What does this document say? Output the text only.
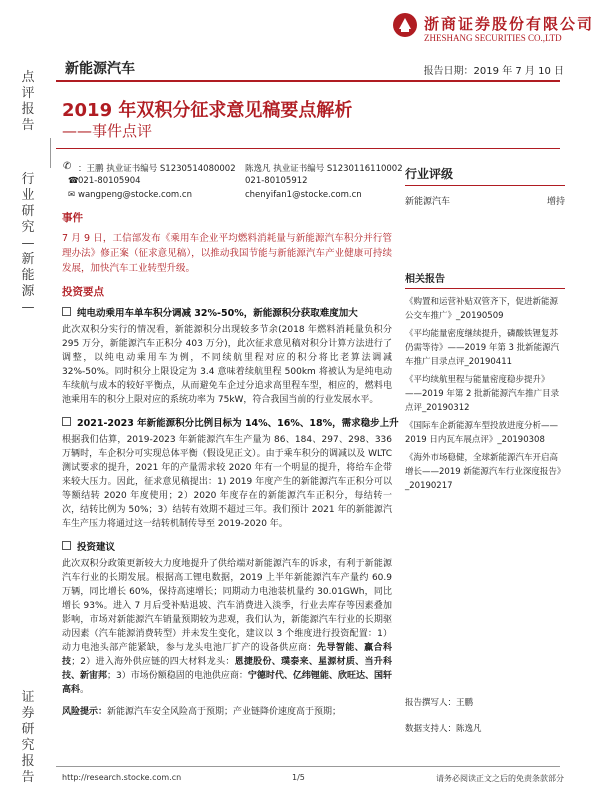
浙商证券股份有限公司
ZHESHANG SECURITIES CO.,LTD
点评报告
行业研究—新能源—
证券研究报告
新能源汽车	报告日期：2019 年 7 月 10 日
2019 年双积分征求意见稿要点解析
——事件点评
✆ ：王鹏 执业证书编号 S1230514080002 陈逸凡 执业证书编号 S1230116110002
☎ 021-80105904	021-80105912
✉ wangpeng@stocke.com.cn	chenyifan1@stocke.com.cn
事件
7 月 9 日，工信部发布《乘用车企业平均燃料消耗量与新能源汽车积分并行管理办法》修正案（征求意见稿），以推动我国节能与新能源汽车产业健康可持续发展，加快汽车工业转型升级。
投资要点
纯电动乘用车单车积分调减 32%-50%，新能源积分获取难度加大
此次双积分实行的情况看，新能源积分出现较多节余(2018 年燃料消耗量负积分 295 万分，新能源汽车正积分 403 万分)，此次征求意见稿对积分计算方法进行了调整，以纯电动乘用车为例，不同续航里程对应的积分将比老算法调减 32%-50%。同时积分上限设定为 3.4 意味着续航里程 500km 将被认为是纯电动车续航与成本的较好平衡点，从而避免车企过分追求高里程车型，相应的，燃料电池乘用车的积分上限对应的系统功率为 75kW，符合我国当前的行业发展水平。
2021-2023 年新能源积分比例目标为 14%、16%、18%，需求稳步上升
根据我们估算，2019-2023 年新能源汽车生产量为 86、184、297、298、336 万辆时，车企积分可实现总体平衡（假设见正文）。由于乘车积分的调减以及 WLTC 测试要求的提升，2021 年的产量需求较 2020 年有一个明显的提升，将给车企带来较大压力。因此，征求意见稿提出：1) 2019 年度产生的新能源汽车正积分可以等额结转 2020 年度使用；2）2020 年度存在的新能源汽车正积分，每结转一次，结转比例为 50%；3）结转有效期不超过三年。我们预计 2021 年的新能源汽车生产压力将通过这一结转机制传导至 2019-2020 年。
投资建议
此次双积分政策更新较大力度地提升了供给端对新能源汽车的诉求，有利于新能源汽车行业的长期发展。根据高工锂电数据，2019 上半年新能源汽车产量约 60.9 万辆，同比增长 60%，保持高速增长；同期动力电池装机量约 30.01GWh，同比增长 93%。进入 7 月后受补贴退坡、汽车消费进入淡季，行业去库存等因素叠加影响，市场对新能源汽车销量预期较为悲观，我们认为，新能源汽车行业的长期驱动因素（汽车能源消费转型）并未发生变化，建议以 3 个维度进行投资配置：1）动力电池头部产能紧缺，参与龙头电池厂扩产的设备供应商：先导智能、赢合科技；2）进入海外供应链的四大材料龙头：恩捷股份、璞泰来、星源材质、当升科技、新宙邦；3）市场份额稳固的电池供应商：宁德时代、亿纬锂能、欣旺达、国轩高科。
风险提示：新能源汽车安全风险高于预期；产业链降价速度高于预期；
行业评级
新能源汽车	增持
相关报告
《购置和运营补贴双管齐下，促进新能源公交车推广》_20190509
《平均能量密度继续提升，磷酸铁锂复苏仍需等待》——2019 年第 3 批新能源汽车推广目录点评_20190411
《平均续航里程与能量密度稳步提升》——2019 年第 2 批新能源汽车推广目录点评_20190312
《国际车企新能源车型投放进度分析——2019 日内瓦车展点评》_20190308
《海外市场稳健，全球新能源汽车开启高增长——2019 新能源汽车行业深度报告》_20190217
报告撰写人：王鹏
数据支持人：陈逸凡
http://research.stocke.com.cn	1/5	请务必阅读正文之后的免责条款部分
